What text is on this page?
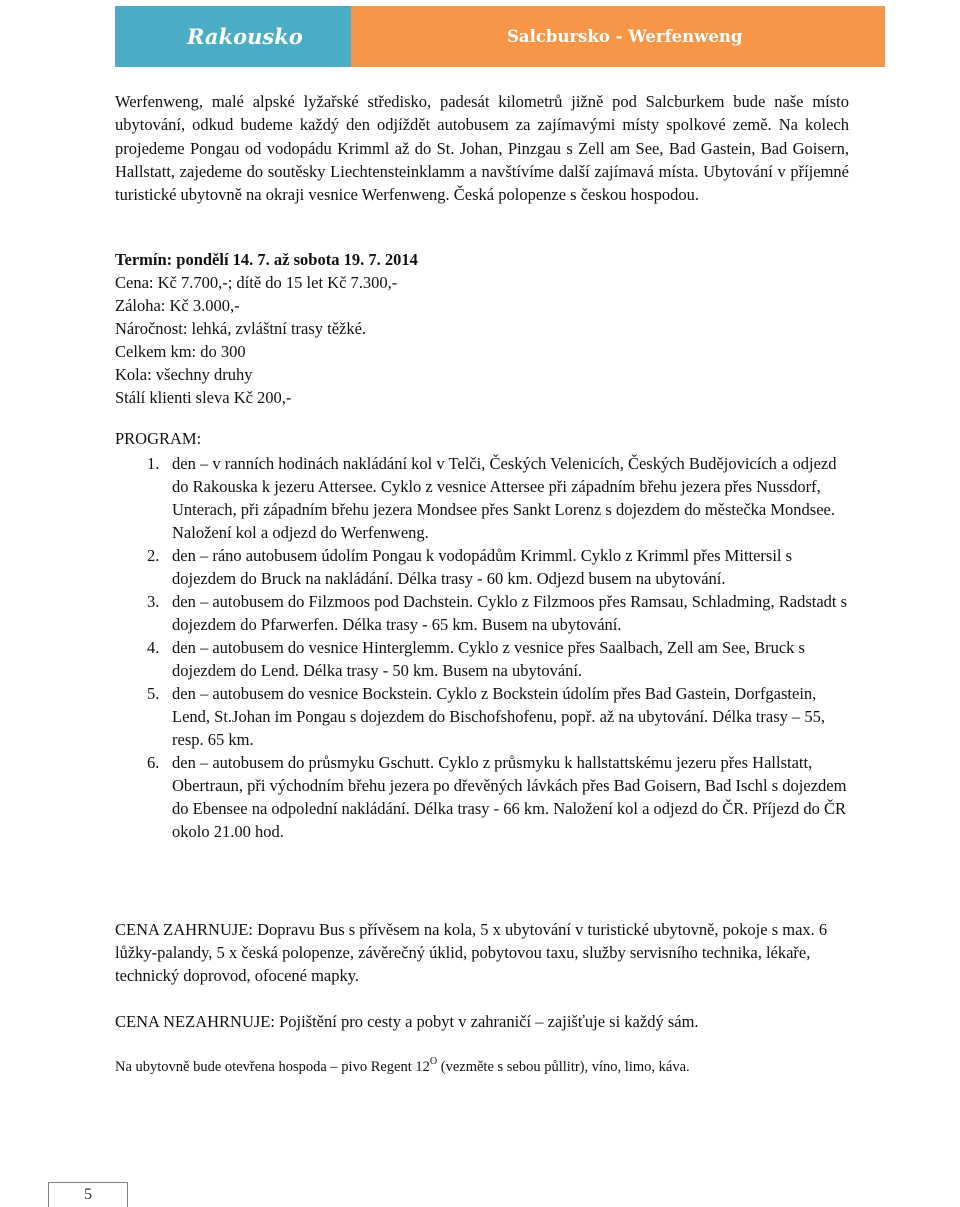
Rakousko	Salcbursko - Werfenweng

Werfenweng, malé alpské lyžařské středisko, padesát kilometrů jižně pod Salcburkem bude naše místo ubytování, odkud budeme každý den odjíždět autobusem za zajímavými místy spolkové země. Na kolech projedeme Pongau od vodopádu Krimml až do St. Johan, Pinzgau s Zell am See, Bad Gastein, Bad Goisern, Hallstatt, zajedeme do soutěsky Liechtensteinklamm a navštívíme další zajímavá místa. Ubytování v příjemné turistické ubytovně na okraji vesnice Werfenweng. Česká polopenze s českou hospodou.

Termín: pondělí 14. 7. až sobota 19. 7. 2014
Cena: Kč 7.700,-; dítě do 15 let Kč 7.300,-
Záloha: Kč 3.000,-
Náročnost: lehká, zvláštní trasy těžké.
Celkem km: do 300
Kola: všechny druhy
Stálí klienti sleva Kč 200,-
PROGRAM:
1. den – v ranních hodinách nakládání kol v Telči, Českých Velenicích, Českých Budějovicích a odjezd do Rakouska k jezeru Attersee. Cyklo z vesnice Attersee při západním břehu jezera přes Nussdorf, Unterach, při západním břehu jezera Mondsee přes Sankt Lorenz s dojezdem do městečka Mondsee. Naložení kol a odjezd do Werfenweng.
2. den – ráno autobusem údolím Pongau k vodopádům Krimml. Cyklo z Krimml přes Mittersil s dojezdem do Bruck na nakládání. Délka trasy - 60 km. Odjezd busem na ubytování.
3. den – autobusem do Filzmoos pod Dachstein. Cyklo z Filzmoos přes Ramsau, Schladming, Radstadt s dojezdem do Pfarwerfen. Délka trasy - 65 km. Busem na ubytování.
4. den – autobusem do vesnice Hinterglemm. Cyklo z vesnice přes Saalbach, Zell am See, Bruck s dojezdem do Lend. Délka trasy - 50 km. Busem na ubytování.
5. den – autobusem do vesnice Bockstein. Cyklo z Bockstein údolím přes Bad Gastein, Dorfgastein, Lend, St.Johan im Pongau s dojezdem do Bischofshofenu, popř. až na ubytování. Délka trasy – 55, resp. 65 km.
6. den – autobusem do průsmyku Gschutt. Cyklo z průsmyku k hallstattskému jezeru přes Hallstatt, Obertraun, při východním břehu jezera po dřevěných lávkách přes Bad Goisern, Bad Ischl s dojezdem do Ebensee na odpolední nakládání. Délka trasy - 66 km. Naložení kol a odjezd do ČR. Příjezd do ČR okolo 21.00 hod.
CENA ZAHRNUJE: Dopravu Bus s přívěsem na kola, 5 x ubytování v turistické ubytovně, pokoje s max. 6 lůžky-palandy, 5 x česká polopenze, závěrečný úklid, pobytovou taxu, služby servisního technika, lékaře, technický doprovod, ofocené mapky.
CENA NEZAHRNUJE: Pojištění pro cesty a pobyt v zahraničí – zajišťuje si každý sám.
Na ubytovně bude otevřena hospoda – pivo Regent $12^O$ (vezměte s sebou půllitr), víno, limo, káva.
5
